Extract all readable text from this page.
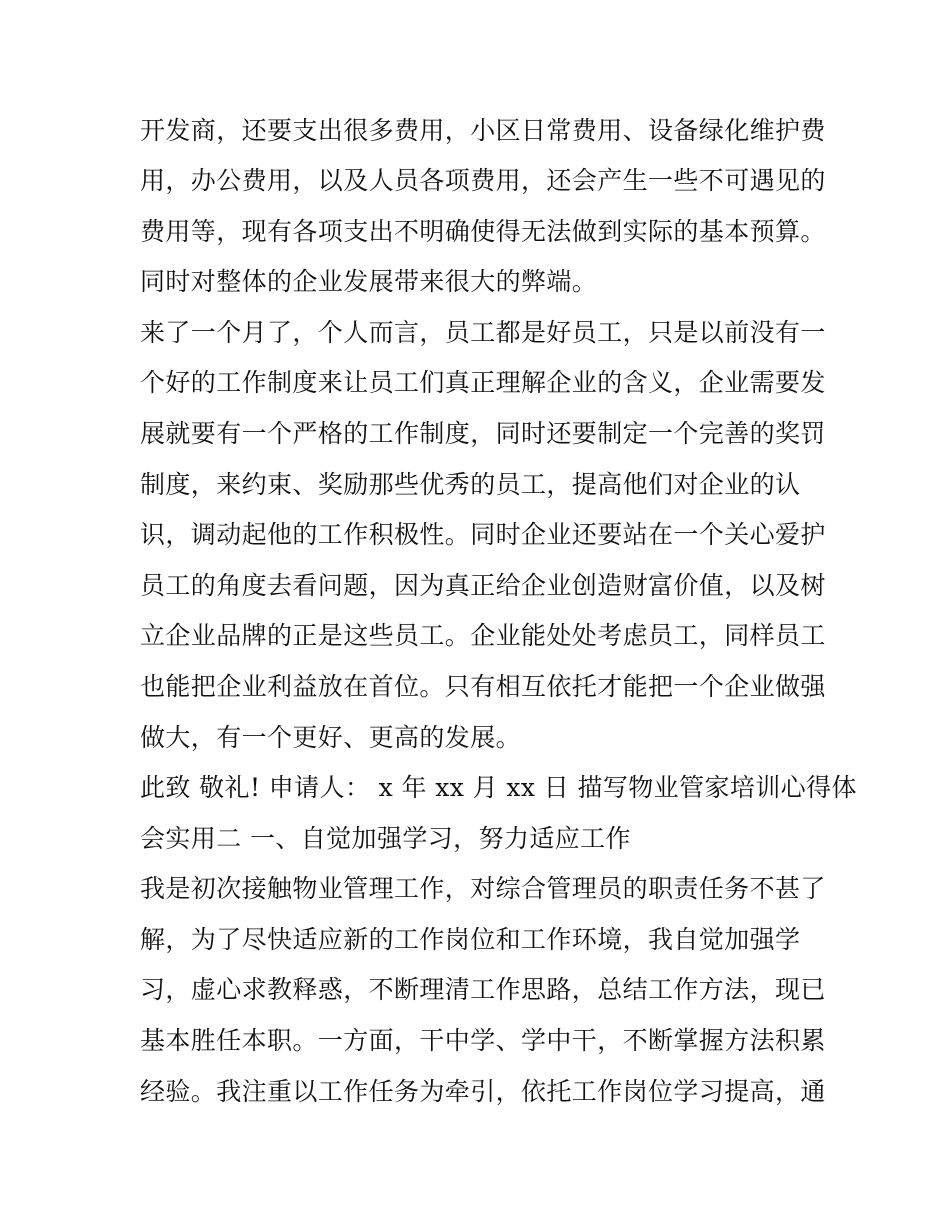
开发商，还要支出很多费用，小区日常费用、设备绿化维护费
用，办公费用，以及人员各项费用，还会产生一些不可遇见的
费用等，现有各项支出不明确使得无法做到实际的基本预算。
同时对整体的企业发展带来很大的弊端。
来了一个月了，个人而言，员工都是好员工，只是以前没有一
个好的工作制度来让员工们真正理解企业的含义，企业需要发
展就要有一个严格的工作制度，同时还要制定一个完善的奖罚
制度，来约束、奖励那些优秀的员工，提高他们对企业的认
识，调动起他的工作积极性。同时企业还要站在一个关心爱护
员工的角度去看问题，因为真正给企业创造财富价值，以及树
立企业品牌的正是这些员工。企业能处处考虑员工，同样员工
也能把企业利益放在首位。只有相互依托才能把一个企业做强
做大，有一个更好、更高的发展。
此致 敬礼! 申请人： x 年 xx 月 xx 日 描写物业管家培训心得体
会实用二 一、自觉加强学习，努力适应工作
我是初次接触物业管理工作，对综合管理员的职责任务不甚了
解，为了尽快适应新的工作岗位和工作环境，我自觉加强学
习，虚心求教释惑，不断理清工作思路，总结工作方法，现已
基本胜任本职。一方面，干中学、学中干，不断掌握方法积累
经验。我注重以工作任务为牵引，依托工作岗位学习提高，通
